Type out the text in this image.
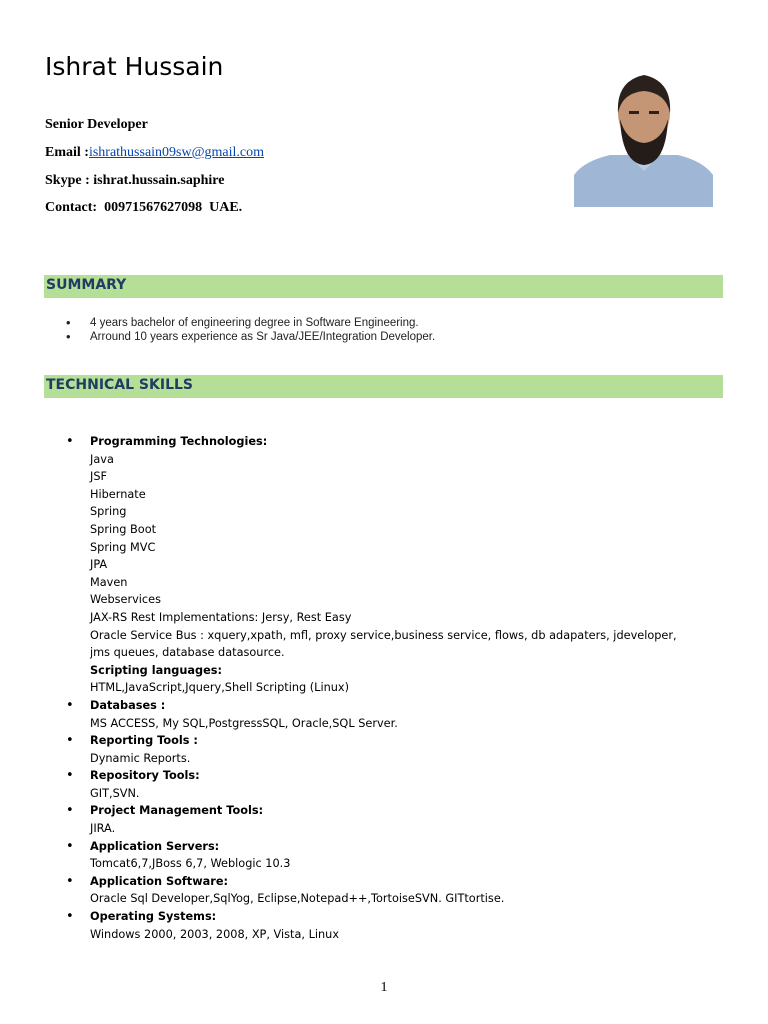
Ishrat Hussain
Senior Developer
Email :ishrathussain09sw@gmail.com
Skype : ishrat.hussain.saphire
Contact:  00971567627098  UAE.
SUMMARY
• 4 years bachelor of engineering degree in Software Engineering.
• Arround 10 years experience as Sr Java/JEE/Integration Developer.
TECHNICAL SKILLS
• Programming Technologies:
Java
JSF
Hibernate
Spring
Spring Boot
Spring MVC
JPA
Maven
Webservices
JAX-RS Rest Implementations: Jersy, Rest Easy
Oracle Service Bus : xquery,xpath, mfl, proxy service,business service, flows, db adapaters, jdeveloper, jms queues, database datasource.
Scripting languages:
HTML,JavaScript,Jquery,Shell Scripting (Linux)
• Databases :
MS ACCESS, My SQL,PostgressSQL, Oracle,SQL Server.
• Reporting Tools :
Dynamic Reports.
• Repository Tools:
GIT,SVN.
• Project Management Tools:
JIRA.
• Application Servers:
Tomcat6,7,JBoss 6,7, Weblogic 10.3
• Application Software:
Oracle Sql Developer,SqlYog, Eclipse,Notepad++,TortoiseSVN. GITtortise.
• Operating Systems:
Windows 2000, 2003, 2008, XP, Vista, Linux
1
